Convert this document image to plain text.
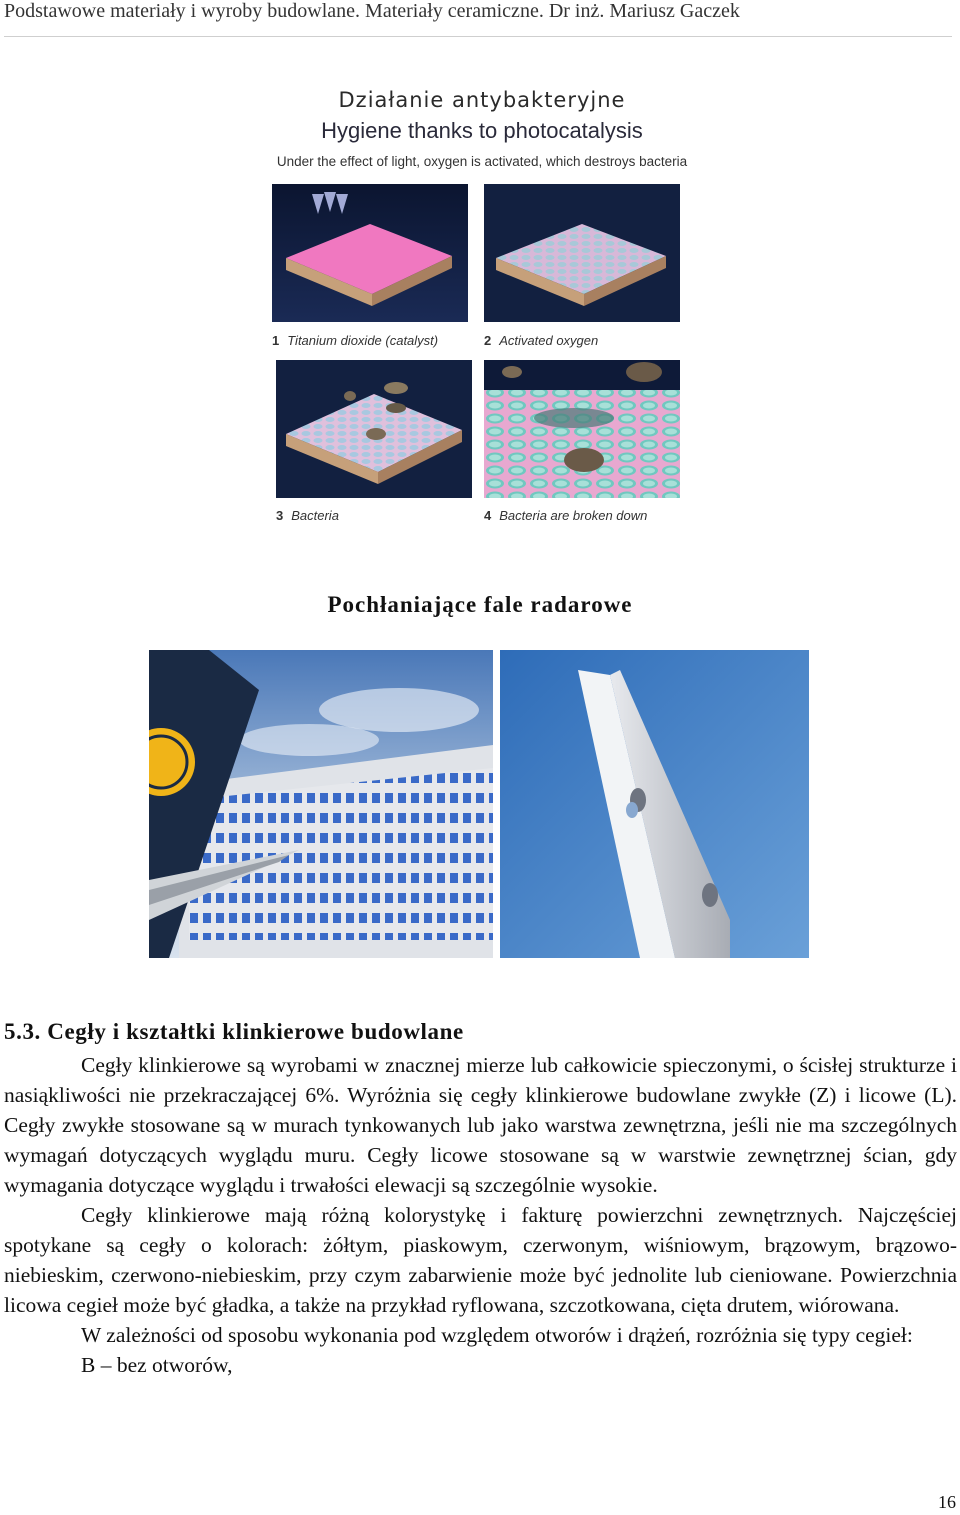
Podstawowe materiały i wyroby budowlane. Materiały ceramiczne. Dr inż. Mariusz Gaczek
Działanie antybakteryjne
Hygiene thanks to photocatalysis
Under the effect of light, oxygen is activated, which destroys bacteria
1 Titanium dioxide (catalyst)	2 Activated oxygen
3 Bacteria	4 Bacteria are broken down
Pochłaniające fale radarowe
5.3. Cegły i kształtki klinkierowe budowlane

Cegły klinkierowe są wyrobami w znacznej mierze lub całkowicie spieczonymi, o ścisłej strukturze i nasiąkliwości nie przekraczającej 6%. Wyróżnia się cegły klinkierowe budowlane zwykłe (Z) i licowe (L). Cegły zwykłe stosowane są w murach tynkowanych lub jako warstwa zewnętrzna, jeśli nie ma szczególnych wymagań dotyczących wyglądu muru. Cegły licowe stosowane są w warstwie zewnętrznej ścian, gdy wymagania dotyczące wyglądu i trwałości elewacji są szczególnie wysokie.

Cegły klinkierowe mają różną kolorystykę i fakturę powierzchni zewnętrznych. Najczęściej spotykane są cegły o kolorach: żółtym, piaskowym, czerwonym, wiśniowym, brązowym, brązowo-niebieskim, czerwono-niebieskim, przy czym zabarwienie może być jednolite lub cieniowane. Powierzchnia licowa cegieł może być gładka, a także na przykład ryflowana, szczotkowana, cięta drutem, wiórowana.

W zależności od sposobu wykonania pod względem otworów i drążeń, rozróżnia się typy cegieł:

B – bez otworów,

16
